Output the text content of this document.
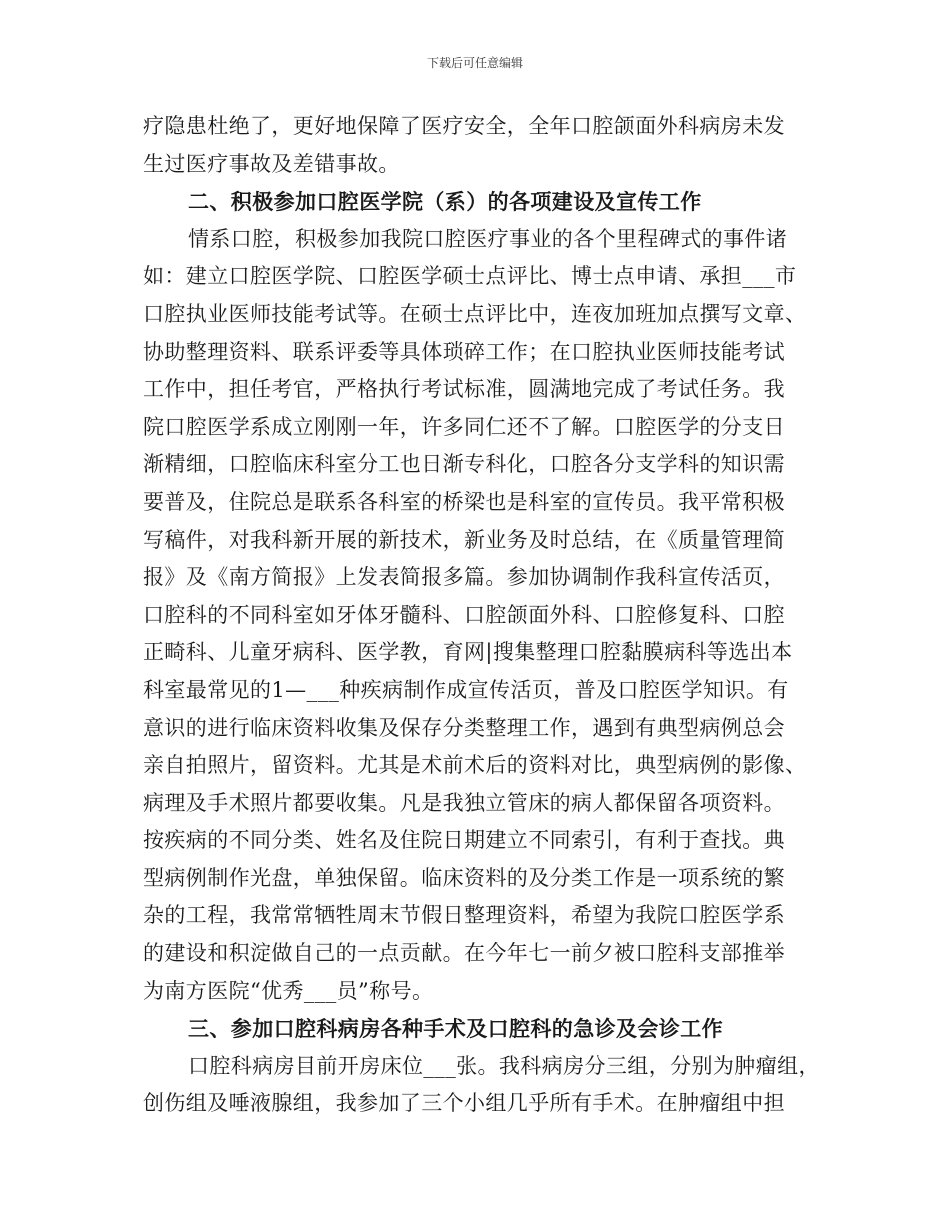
下载后可任意编辑
疗隐患杜绝了，更好地保障了医疗安全，全年口腔颌面外科病房未发
生过医疗事故及差错事故。
二、积极参加口腔医学院（系）的各项建设及宣传工作
情系口腔，积极参加我院口腔医疗事业的各个里程碑式的事件诸
如：建立口腔医学院、口腔医学硕士点评比、博士点申请、承担___市
口腔执业医师技能考试等。在硕士点评比中，连夜加班加点撰写文章、
协助整理资料、联系评委等具体琐碎工作；在口腔执业医师技能考试
工作中，担任考官，严格执行考试标准，圆满地完成了考试任务。我
院口腔医学系成立刚刚一年，许多同仁还不了解。口腔医学的分支日
渐精细，口腔临床科室分工也日渐专科化，口腔各分支学科的知识需
要普及，住院总是联系各科室的桥梁也是科室的宣传员。我平常积极
写稿件，对我科新开展的新技术，新业务及时总结，在《质量管理简
报》及《南方简报》上发表简报多篇。参加协调制作我科宣传活页，
口腔科的不同科室如牙体牙髓科、口腔颌面外科、口腔修复科、口腔
正畸科、儿童牙病科、医学教，育网|搜集整理口腔黏膜病科等选出本
科室最常见的1—___种疾病制作成宣传活页，普及口腔医学知识。有
意识的进行临床资料收集及保存分类整理工作，遇到有典型病例总会
亲自拍照片，留资料。尤其是术前术后的资料对比，典型病例的影像、
病理及手术照片都要收集。凡是我独立管床的病人都保留各项资料。
按疾病的不同分类、姓名及住院日期建立不同索引，有利于查找。典
型病例制作光盘，单独保留。临床资料的及分类工作是一项系统的繁
杂的工程，我常常牺牲周末节假日整理资料，希望为我院口腔医学系
的建设和积淀做自己的一点贡献。在今年七一前夕被口腔科支部推举
为南方医院“优秀___员”称号。
三、参加口腔科病房各种手术及口腔科的急诊及会诊工作
口腔科病房目前开房床位___张。我科病房分三组，分别为肿瘤组，
创伤组及唾液腺组，我参加了三个小组几乎所有手术。在肿瘤组中担
